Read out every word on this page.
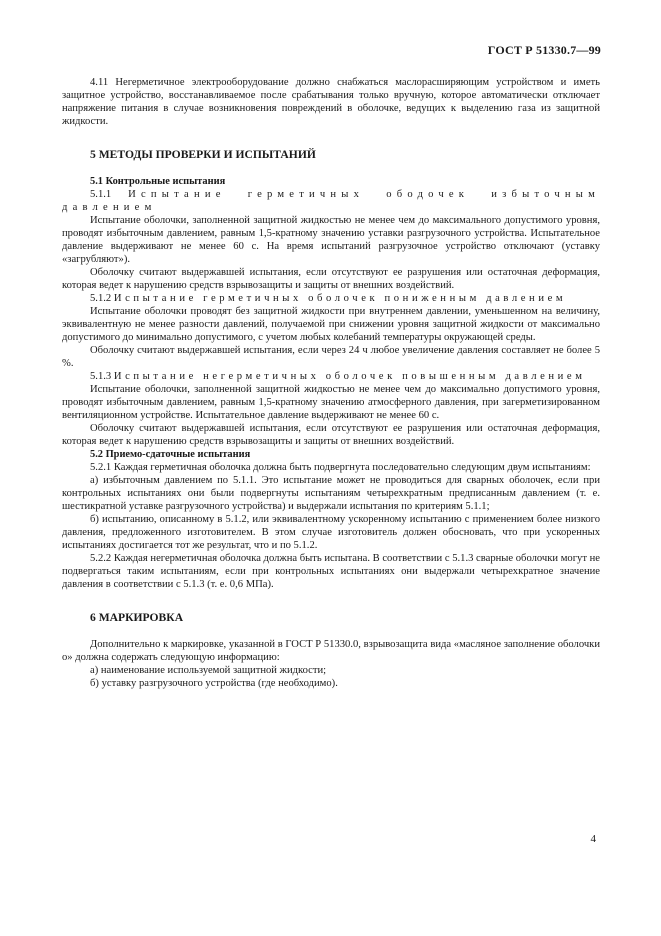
ГОСТ Р 51330.7—99

4.11 Негерметичное электрооборудование должно снабжаться маслорасширяющим устройством и иметь защитное устройство, восстанавливаемое после срабатывания только вручную, которое автоматически отключает напряжение питания в случае возникновения повреждений в оболочке, ведущих к выделению газа из защитной жидкости.

5 МЕТОДЫ ПРОВЕРКИ И ИСПЫТАНИЙ

5.1 Контрольные испытания

5.1.1 Испытание герметичных ободочек избыточным давлением

Испытание оболочки, заполненной защитной жидкостью не менее чем до максимального допустимого уровня, проводят избыточным давлением, равным 1,5-кратному значению уставки разгрузочного устройства. Испытательное давление выдерживают не менее 60 с. На время испытаний разгрузочное устройство отключают (уставку «загрубляют»).

Оболочку считают выдержавшей испытания, если отсутствуют ее разрушения или остаточная деформация, которая ведет к нарушению средств взрывозащиты и защиты от внешних воздействий.

5.1.2 Испытание герметичных оболочек пониженным давлением

Испытание оболочки проводят без защитной жидкости при внутреннем давлении, уменьшенном на величину, эквивалентную не менее разности давлений, получаемой при снижении уровня защитной жидкости от максимально допустимого до минимально допустимого, с учетом любых колебаний температуры окружающей среды.

Оболочку считают выдержавшей испытания, если через 24 ч любое увеличение давления составляет не более 5 %.

5.1.3 Испытание негерметичных оболочек повышенным давлением

Испытание оболочки, заполненной защитной жидкостью не менее чем до максимально допустимого уровня, проводят избыточным давлением, равным 1,5-кратному значению атмосферного давления, при загерметизированном вентиляционном устройстве. Испытательное давление выдерживают не менее 60 с.

Оболочку считают выдержавшей испытания, если отсутствуют ее разрушения или остаточная деформация, которая ведет к нарушению средств взрывозащиты и защиты от внешних воздействий.

5.2 Приемо-сдаточные испытания

5.2.1 Каждая герметичная оболочка должна быть подвергнута последовательно следующим двум испытаниям:

а) избыточным давлением по 5.1.1. Это испытание может не проводиться для сварных оболочек, если при контрольных испытаниях они были подвергнуты испытаниям четырехкратным предписанным давлением (т. е. шестикратной уставке разгрузочного устройства) и выдержали испытания по критериям 5.1.1;

б) испытанию, описанному в 5.1.2, или эквивалентному ускоренному испытанию с применением более низкого давления, предложенного изготовителем. В этом случае изготовитель должен обосновать, что при ускоренных испытаниях достигается тот же результат, что и по 5.1.2.

5.2.2 Каждая негерметичная оболочка должна быть испытана. В соответствии с 5.1.3 сварные оболочки могут не подвергаться таким испытаниям, если при контрольных испытаниях они выдержали четырехкратное значение давления в соответствии с 5.1.3 (т. е. 0,6 МПа).

6 МАРКИРОВКА

Дополнительно к маркировке, указанной в ГОСТ Р 51330.0, взрывозащита вида «масляное заполнение оболочки о» должна содержать следующую информацию:

а) наименование используемой защитной жидкости;

б) уставку разгрузочного устройства (где необходимо).

4
